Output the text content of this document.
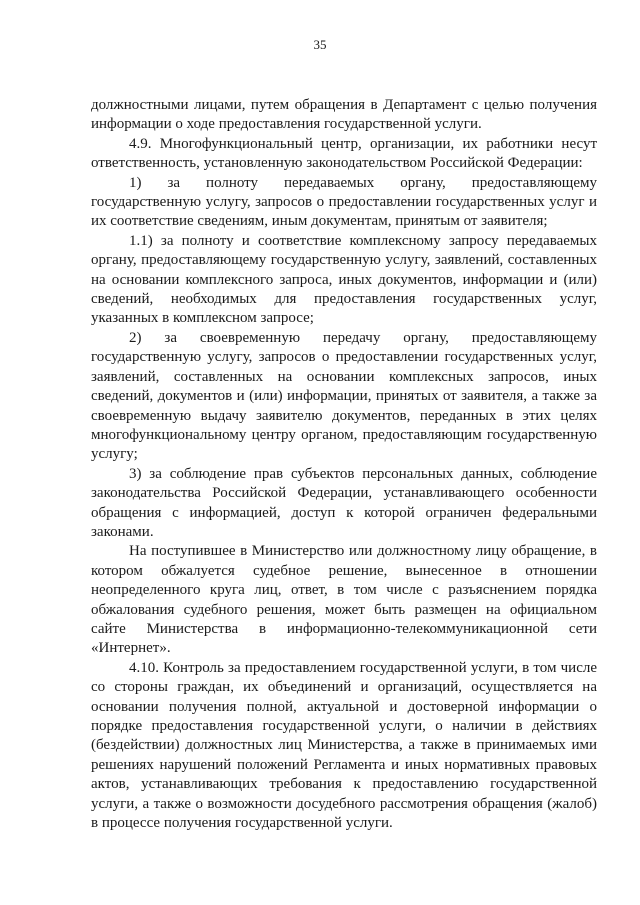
35

должностными лицами, путем обращения в Департамент с целью получения информации о ходе предоставления государственной услуги.

4.9. Многофункциональный центр, организации, их работники несут ответственность, установленную законодательством Российской Федерации:

1) за полноту передаваемых органу, предоставляющему государственную услугу, запросов о предоставлении государственных услуг и их соответствие сведениям, иным документам, принятым от заявителя;

1.1) за полноту и соответствие комплексному запросу передаваемых органу, предоставляющему государственную услугу, заявлений, составленных на основании комплексного запроса, иных документов, информации и (или) сведений, необходимых для предоставления государственных услуг, указанных в комплексном запросе;

2) за своевременную передачу органу, предоставляющему государственную услугу, запросов о предоставлении государственных услуг, заявлений, составленных на основании комплексных запросов, иных сведений, документов и (или) информации, принятых от заявителя, а также за своевременную выдачу заявителю документов, переданных в этих целях многофункциональному центру органом, предоставляющим государственную услугу;

3) за соблюдение прав субъектов персональных данных, соблюдение законодательства Российской Федерации, устанавливающего особенности обращения с информацией, доступ к которой ограничен федеральными законами.

На поступившее в Министерство или должностному лицу обращение, в котором обжалуется судебное решение, вынесенное в отношении неопределенного круга лиц, ответ, в том числе с разъяснением порядка обжалования судебного решения, может быть размещен на официальном сайте Министерства в информационно-телекоммуникационной сети «Интернет».

4.10. Контроль за предоставлением государственной услуги, в том числе со стороны граждан, их объединений и организаций, осуществляется на основании получения полной, актуальной и достоверной информации о порядке предоставления государственной услуги, о наличии в действиях (бездействии) должностных лиц Министерства, а также в принимаемых ими решениях нарушений положений Регламента и иных нормативных правовых актов, устанавливающих требования к предоставлению государственной услуги, а также о возможности досудебного рассмотрения обращения (жалоб) в процессе получения государственной услуги.
